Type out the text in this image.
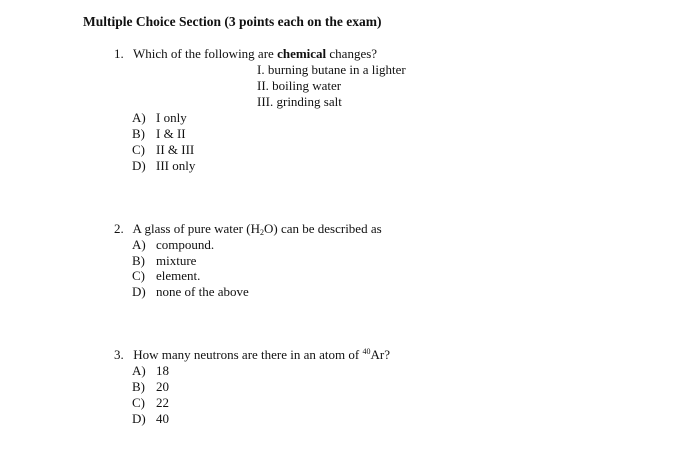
Multiple Choice Section (3 points each on the exam)
1. Which of the following are chemical changes?
I. burning butane in a lighter
II. boiling water
III. grinding salt
A) I only
B) I & II
C) II & III
D) III only
2. A glass of pure water $(H_2O)$ can be described as
A) compound.
B) mixture
C) element.
D) none of the above
3. How many neutrons are there in an atom of $^{40}$Ar?
A) 18
B) 20
C) 22
D) 40
